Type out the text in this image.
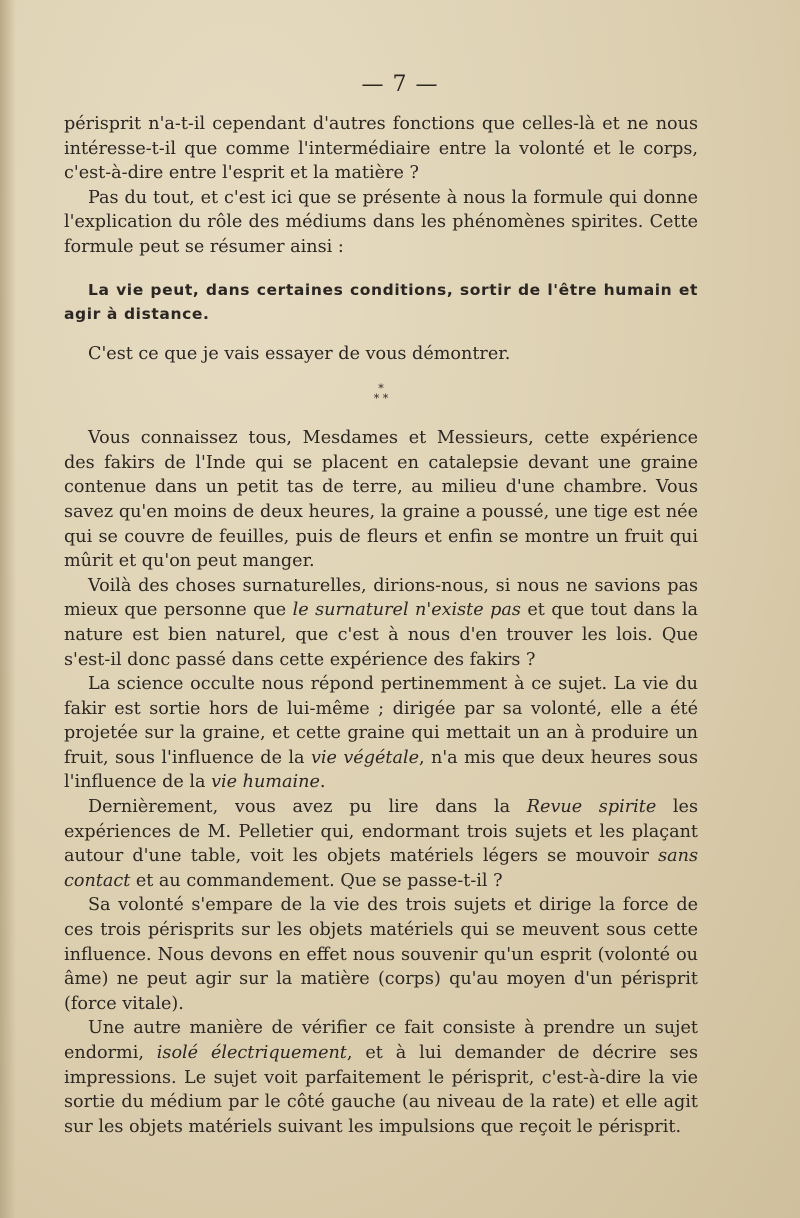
— 7 —

périsprit n'a-t-il cependant d'autres fonctions que celles-là et ne nous intéresse-t-il que comme l'intermédiaire entre la volonté et le corps, c'est-à-dire entre l'esprit et la matière ?

Pas du tout, et c'est ici que se présente à nous la formule qui donne l'explication du rôle des médiums dans les phénomènes spirites. Cette formule peut se résumer ainsi :

La vie peut, dans certaines conditions, sortir de l'être humain et agir à distance.

C'est ce que je vais essayer de vous démontrer.

*
* *

Vous connaissez tous, Mesdames et Messieurs, cette expérience des fakirs de l'Inde qui se placent en catalepsie devant une graine contenue dans un petit tas de terre, au milieu d'une chambre. Vous savez qu'en moins de deux heures, la graine a poussé, une tige est née qui se couvre de feuilles, puis de fleurs et enfin se montre un fruit qui mûrit et qu'on peut manger.

Voilà des choses surnaturelles, dirions-nous, si nous ne savions pas mieux que personne que le surnaturel n'existe pas et que tout dans la nature est bien naturel, que c'est à nous d'en trouver les lois. Que s'est-il donc passé dans cette expérience des fakirs ?

La science occulte nous répond pertinemment à ce sujet. La vie du fakir est sortie hors de lui-même ; dirigée par sa volonté, elle a été projetée sur la graine, et cette graine qui mettait un an à produire un fruit, sous l'influence de la vie végétale, n'a mis que deux heures sous l'influence de la vie humaine.

Dernièrement, vous avez pu lire dans la Revue spirite les expériences de M. Pelletier qui, endormant trois sujets et les plaçant autour d'une table, voit les objets matériels légers se mouvoir sans contact et au commandement. Que se passe-t-il ?

Sa volonté s'empare de la vie des trois sujets et dirige la force de ces trois périsprits sur les objets matériels qui se meuvent sous cette influence. Nous devons en effet nous souvenir qu'un esprit (volonté ou âme) ne peut agir sur la matière (corps) qu'au moyen d'un périsprit (force vitale).

Une autre manière de vérifier ce fait consiste à prendre un sujet endormi, isolé électriquement, et à lui demander de décrire ses impressions. Le sujet voit parfaitement le périsprit, c'est-à-dire la vie sortie du médium par le côté gauche (au niveau de la rate) et elle agit sur les objets matériels suivant les impulsions que reçoit le périsprit.
